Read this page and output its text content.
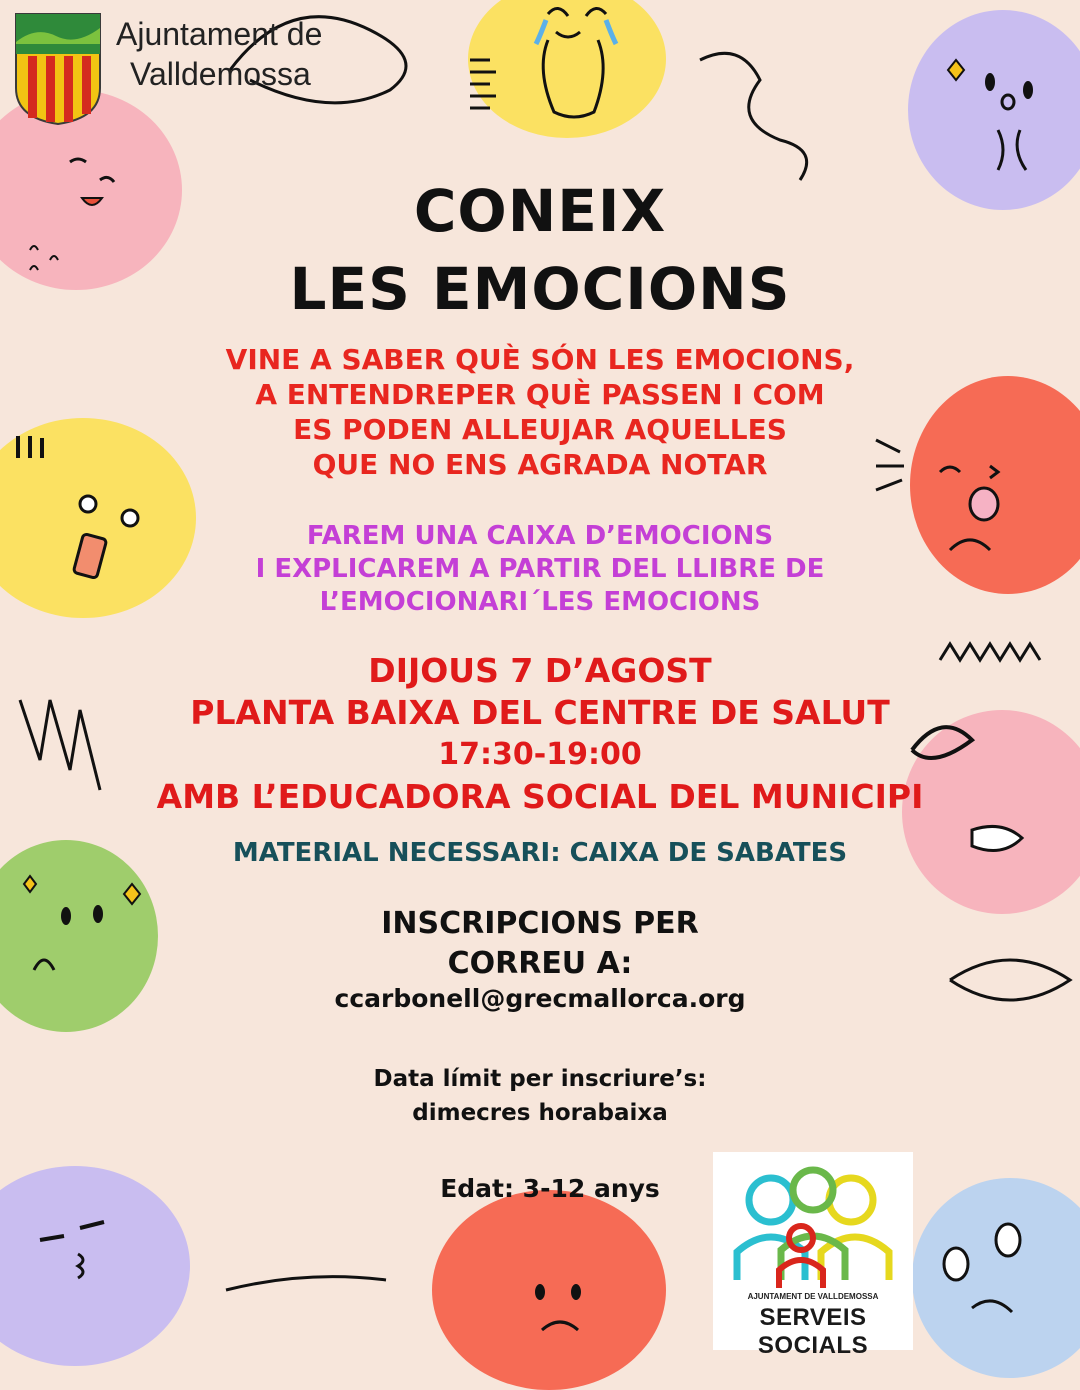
Ajuntament de
Valldemossa
CONEIX
LES EMOCIONS
VINE A SABER QUÈ SÓN LES EMOCIONS,
A ENTENDREPER QUÈ PASSEN I COM
ES PODEN ALLEUJAR AQUELLES
QUE NO ENS AGRADA NOTAR
FAREM UNA CAIXA D’EMOCIONS
I EXPLICAREM A PARTIR DEL LLIBRE DE
L’EMOCIONARI´LES EMOCIONS
DIJOUS 7 D’AGOST
PLANTA BAIXA DEL CENTRE DE SALUT
17:30-19:00
AMB L’EDUCADORA SOCIAL DEL MUNICIPI
MATERIAL NECESSARI: CAIXA DE SABATES
INSCRIPCIONS PER
CORREU A:
ccarbonell@grecmallorca.org
Data límit per inscriure’s:
dimecres horabaixa
Edat: 3-12 anys
AJUNTAMENT DE VALLDEMOSSA
SERVEIS SOCIALS
